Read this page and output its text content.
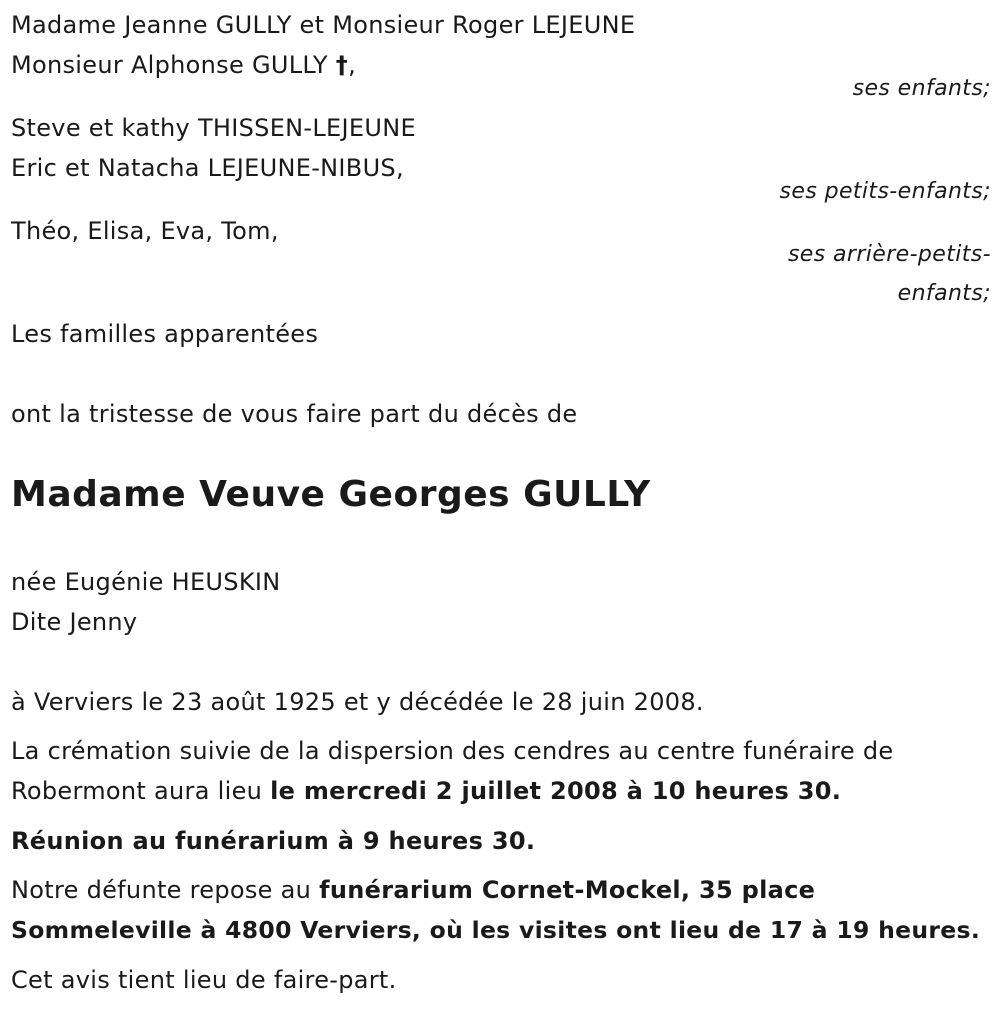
Madame Jeanne GULLY et Monsieur Roger LEJEUNE
Monsieur Alphonse GULLY †,
ses enfants;
Steve et kathy THISSEN-LEJEUNE
Eric et Natacha LEJEUNE-NIBUS,
ses petits-enfants;
Théo, Elisa, Eva, Tom,
ses arrière-petits-
enfants;
Les familles apparentées
ont la tristesse de vous faire part du décès de
Madame Veuve Georges GULLY
née Eugénie HEUSKIN
Dite Jenny
à Verviers le 23 août 1925 et y décédée le 28 juin 2008.
La crémation suivie de la dispersion des cendres au centre funéraire de
Robermont aura lieu le mercredi 2 juillet 2008 à 10 heures 30.
Réunion au funérarium à 9 heures 30.
Notre défunte repose au funérarium Cornet-Mockel, 35 place
Sommeleville à 4800 Verviers, où les visites ont lieu de 17 à 19 heures.
Cet avis tient lieu de faire-part.
